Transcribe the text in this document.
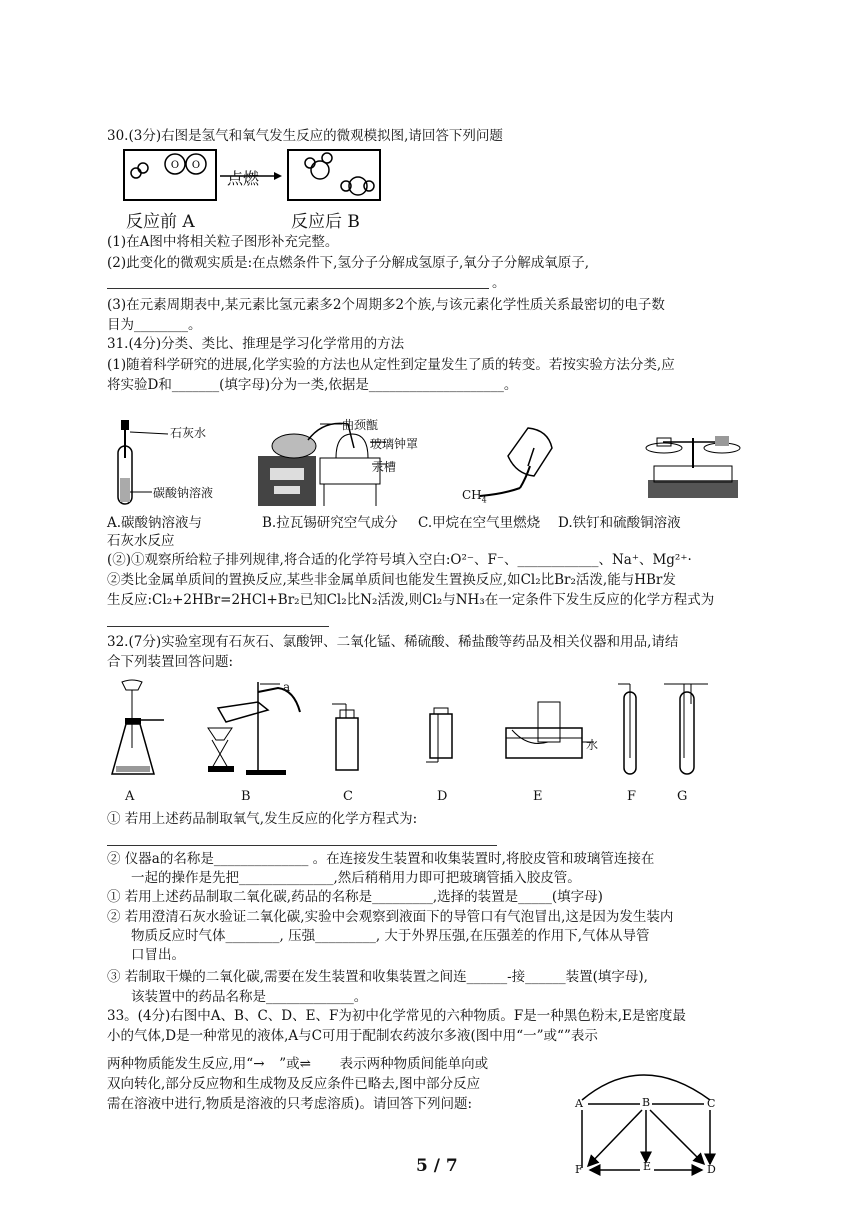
30.(3分)右图是氢气和氧气发生反应的微观模拟图,请回答下列问题
O O
点燃
反应前 A	反应后 B
(1)在A图中将相关粒子图形补充完整。
(2)此变化的微观实质是:在点燃条件下,氢分子分解成氢原子,氧分子分解成氧原子,
。
(3)在元素周期表中,某元素比氢元素多2个周期多2个族,与该元素化学性质关系最密切的电子数
目为________。
31.(4分)分类、类比、推理是学习化学常用的方法
(1)随着科学研究的进展,化学实验的方法也从定性到定量发生了质的转变。若按实验方法分类,应
将实验D和_______(填字母)分为一类,依据是____________________。
石灰水
碳酸钠溶液
曲颈甑
玻璃钟罩
汞槽
$CH_4$
A.碳酸钠溶液与
石灰水反应
B.拉瓦锡研究空气成分 C.甲烷在空气里燃烧 D.铁钉和硫酸铜溶液
(②)①观察所给粒子排列规律,将合适的化学符号填入空白:O²⁻、F⁻、____________、Na⁺、Mg²⁺·
②类比金属单质间的置换反应,某些非金属单质间也能发生置换反应,如Cl₂比Br₂活泼,能与HBr发
生反应:Cl₂+2HBr=2HCl+Br₂已知Cl₂比N₂活泼,则Cl₂与NH₃在一定条件下发生反应的化学方程式为
32.(7分)实验室现有石灰石、氯酸钾、二氧化锰、稀硫酸、稀盐酸等药品及相关仪器和用品,请结
合下列装置回答问题:
a
水
A	B	C	D	E	F	G
① 若用上述药品制取氧气,发生反应的化学方程式为:
② 仪器a的名称是______________ 。在连接发生装置和收集装置时,将胶皮管和玻璃管连接在
一起的操作是先把______________,然后稍稍用力即可把玻璃管插入胶皮管。
① 若用上述药品制取二氧化碳,药品的名称是_________,选择的装置是_____(填字母)
② 若用澄清石灰水验证二氧化碳,实验中会观察到液面下的导管口有气泡冒出,这是因为发生装内
物质反应时气体________, 压强_________, 大于外界压强,在压强差的作用下,气体从导管
口冒出。
③ 若制取干燥的二氧化碳,需要在发生装置和收集装置之间连______-接______装置(填字母),
该装置中的药品名称是_____________。
33。(4分)右图中A、B、C、D、E、F为初中化学常见的六种物质。F是一种黑色粉末,E是密度最
小的气体,D是一种常见的液体,A与C可用于配制农药波尔多液(图中用“一”或“”表示
两种物质能发生反应,用“→ ”或⇌ 表示两种物质间能单向或
双向转化,部分反应物和生成物及反应条件已略去,图中部分反应
需在溶液中进行,物质是溶液的只考虑溶质)。请回答下列问题:	A	B	C
F	E	D
5 / 7
